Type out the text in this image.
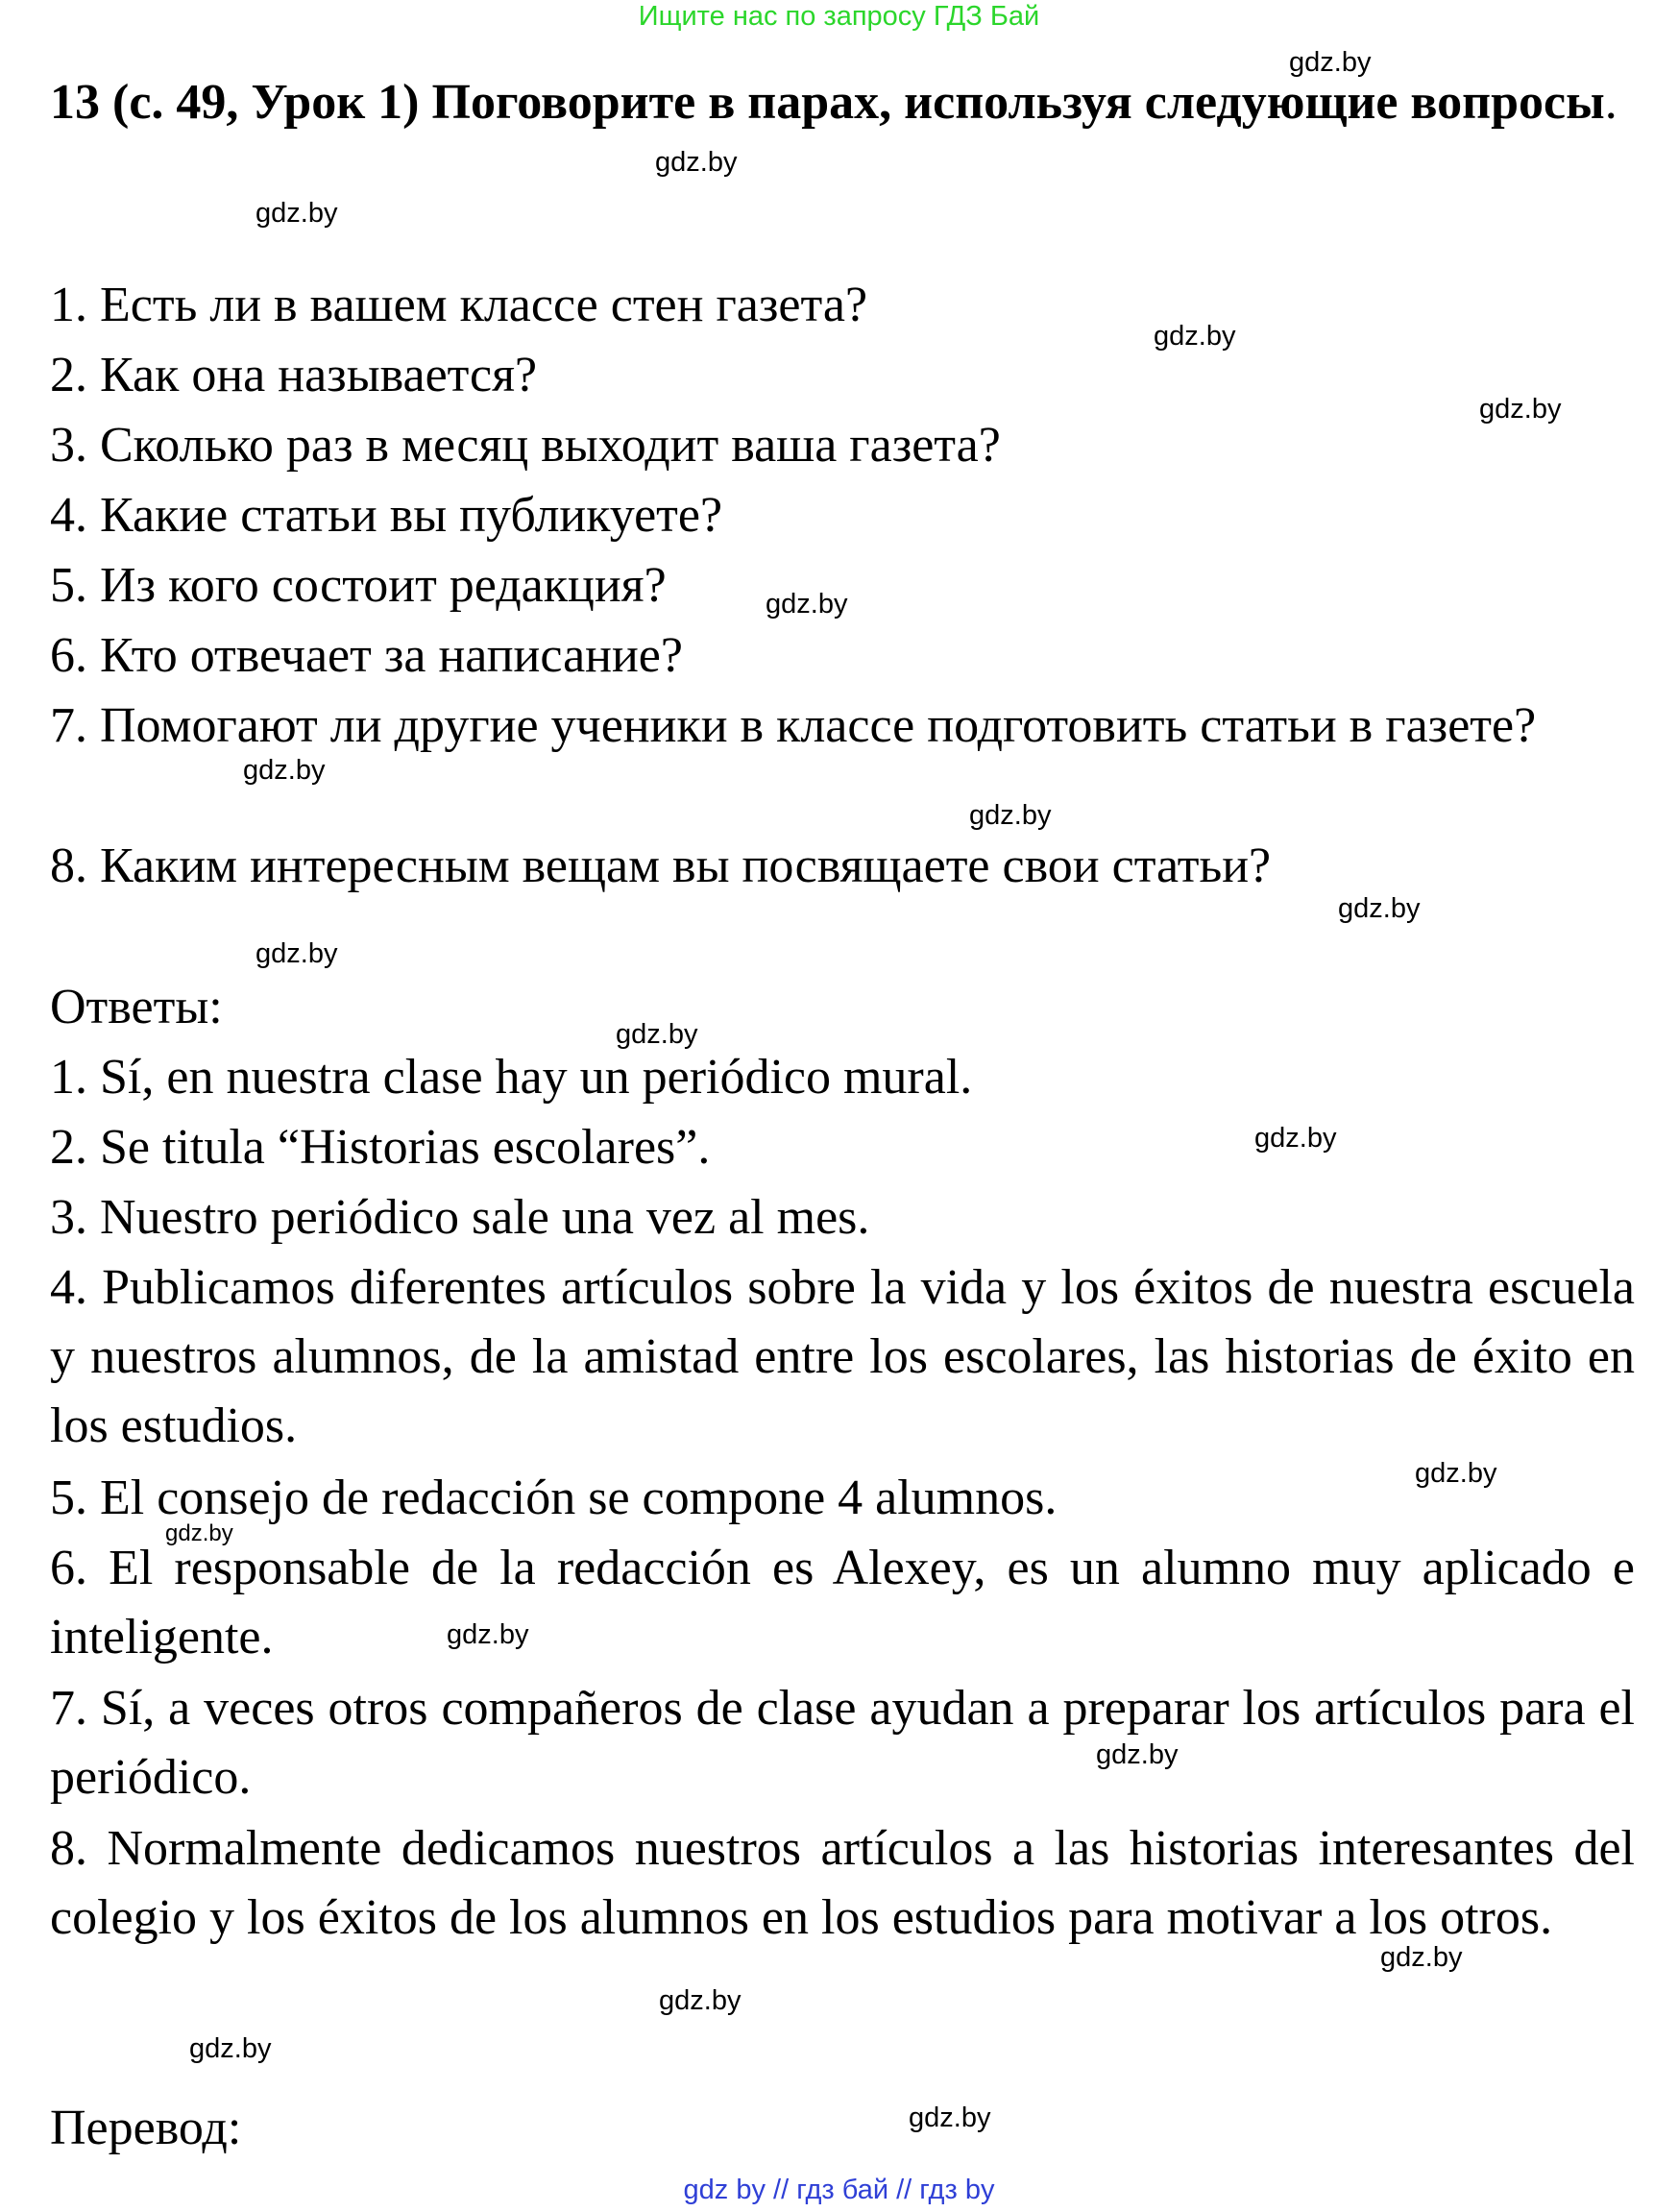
Ищите нас по запросу ГДЗ Бай

13 (с. 49, Урок 1) Поговорите в парах, используя следующие вопросы.

1. Есть ли в вашем классе стен газета?

2. Как она называется?

3. Сколько раз в месяц выходит ваша газета?

4. Какие статьи вы публикуете?

5. Из кого состоит редакция?

6. Кто отвечает за написание?

7. Помогают ли другие ученики в классе подготовить статьи в газете?

8. Каким интересным вещам вы посвящаете свои статьи?

Ответы:

1. Sí, en nuestra clase hay un periódico mural.

2. Se titula “Historias escolares”.

3. Nuestro periódico sale una vez al mes.

4. Publicamos diferentes artículos sobre la vida y los éxitos de nuestra escuela y nuestros alumnos, de la amistad entre los escolares, las historias de éxito en los estudios.

5. El consejo de redacción se compone 4 alumnos.

6. El responsable de la redacción es Alexey, es un alumno muy aplicado e inteligente.

7. Sí, a veces otros compañeros de clase ayudan a preparar los artículos para el periódico.

8. Normalmente dedicamos nuestros artículos a las historias interesantes del colegio y los éxitos de los alumnos en los estudios para motivar a los otros.

Перевод:

gdz.by
gdz.by
gdz.by
gdz.by
gdz.by
gdz.by
gdz.by
gdz.by
gdz.by
gdz.by
gdz.by
gdz.by
gdz.by
gdz.by
gdz.by
gdz.by
gdz.by
gdz.by
gdz.by
gdz.by
gdz by // гдз бай // гдз by
